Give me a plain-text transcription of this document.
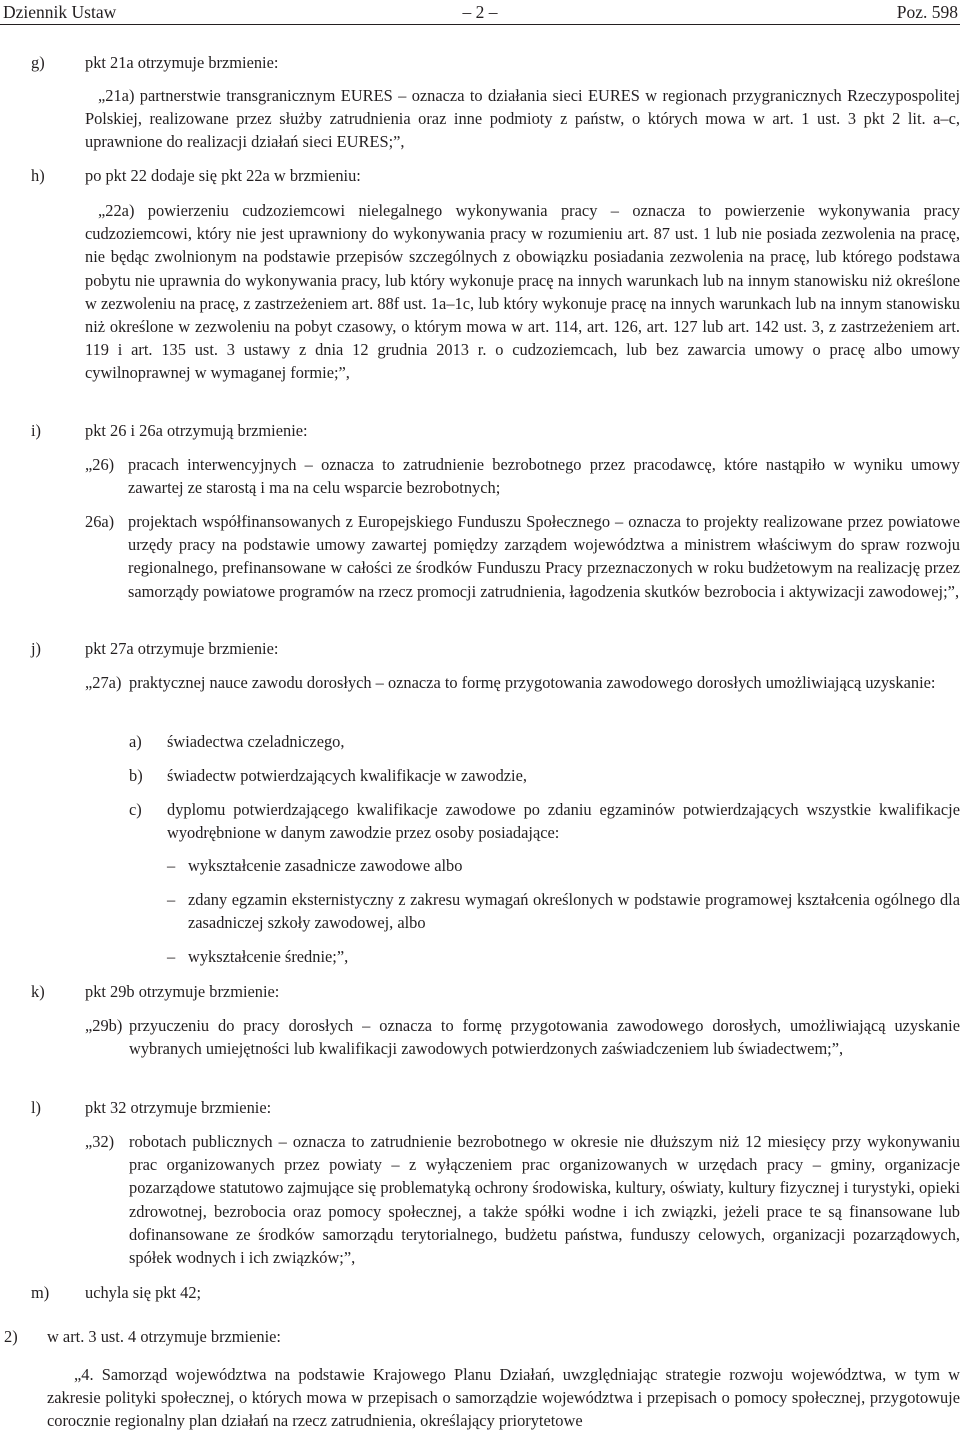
Dziennik Ustaw	– 2 –	Poz. 598
g) pkt 21a otrzymuje brzmienie:
„21a) partnerstwie transgranicznym EURES – oznacza to działania sieci EURES w regionach przygranicznych Rzeczypospolitej Polskiej, realizowane przez służby zatrudnienia oraz inne podmioty z państw, o których mowa w art. 1 ust. 3 pkt 2 lit. a–c, uprawnione do realizacji działań sieci EURES;”,
h) po pkt 22 dodaje się pkt 22a w brzmieniu:
„22a) powierzeniu cudzoziemcowi nielegalnego wykonywania pracy – oznacza to powierzenie wykonywania pracy cudzoziemcowi, który nie jest uprawniony do wykonywania pracy w rozumieniu art. 87 ust. 1 lub nie posiada zezwolenia na pracę, nie będąc zwolnionym na podstawie przepisów szczególnych z obowiązku posiadania zezwolenia na pracę, lub którego podstawa pobytu nie uprawnia do wykonywania pracy, lub który wykonuje pracę na innych warunkach lub na innym stanowisku niż określone w zezwoleniu na pracę, z zastrzeżeniem art. 88f ust. 1a–1c, lub który wykonuje pracę na innych warunkach lub na innym stanowisku niż określone w zezwoleniu na pobyt czasowy, o którym mowa w art. 114, art. 126, art. 127 lub art. 142 ust. 3, z zastrzeżeniem art. 119 i art. 135 ust. 3 ustawy z dnia 12 grudnia 2013 r. o cudzoziemcach, lub bez zawarcia umowy o pracę albo umowy cywilnoprawnej w wymaganej formie;”,
i)	pkt 26 i 26a otrzymują brzmienie:
„26) pracach interwencyjnych – oznacza to zatrudnienie bezrobotnego przez pracodawcę, które nastąpiło w wyniku umowy zawartej ze starostą i ma na celu wsparcie bezrobotnych;
26a) projektach współfinansowanych z Europejskiego Funduszu Społecznego – oznacza to projekty realizowane przez powiatowe urzędy pracy na podstawie umowy zawartej pomiędzy zarządem województwa a ministrem właściwym do spraw rozwoju regionalnego, prefinansowane w całości ze środków Funduszu Pracy przeznaczonych w roku budżetowym na realizację przez samorządy powiatowe programów na rzecz promocji zatrudnienia, łagodzenia skutków bezrobocia i aktywizacji zawodowej;”,
j)	pkt 27a otrzymuje brzmienie:
„27a) praktycznej nauce zawodu dorosłych – oznacza to formę przygotowania zawodowego dorosłych umożliwiającą uzyskanie:
a) świadectwa czeladniczego,
b) świadectw potwierdzających kwalifikacje w zawodzie,
c) dyplomu potwierdzającego kwalifikacje zawodowe po zdaniu egzaminów potwierdzających wszystkie kwalifikacje wyodrębnione w danym zawodzie przez osoby posiadające:
– wykształcenie zasadnicze zawodowe albo
– zdany egzamin eksternistyczny z zakresu wymagań określonych w podstawie programowej kształcenia ogólnego dla zasadniczej szkoły zawodowej, albo
– wykształcenie średnie;”,
k) pkt 29b otrzymuje brzmienie:
„29b) przyuczeniu do pracy dorosłych – oznacza to formę przygotowania zawodowego dorosłych, umożliwiającą uzyskanie wybranych umiejętności lub kwalifikacji zawodowych potwierdzonych zaświadczeniem lub świadectwem;”,
l)	pkt 32 otrzymuje brzmienie:
„32) robotach publicznych – oznacza to zatrudnienie bezrobotnego w okresie nie dłuższym niż 12 miesięcy przy wykonywaniu prac organizowanych przez powiaty – z wyłączeniem prac organizowanych w urzędach pracy – gminy, organizacje pozarządowe statutowo zajmujące się problematyką ochrony środowiska, kultury, oświaty, kultury fizycznej i turystyki, opieki zdrowotnej, bezrobocia oraz pomocy społecznej, a także spółki wodne i ich związki, jeżeli prace te są finansowane lub dofinansowane ze środków samorządu terytorialnego, budżetu państwa, funduszy celowych, organizacji pozarządowych, spółek wodnych i ich związków;”,
m) uchyla się pkt 42;
2) w art. 3 ust. 4 otrzymuje brzmienie:
„4. Samorząd województwa na podstawie Krajowego Planu Działań, uwzględniając strategie rozwoju województwa, w tym w zakresie polityki społecznej, o których mowa w przepisach o samorządzie województwa i przepisach o pomocy społecznej, przygotowuje corocznie regionalny plan działań na rzecz zatrudnienia, określający priorytetowe
